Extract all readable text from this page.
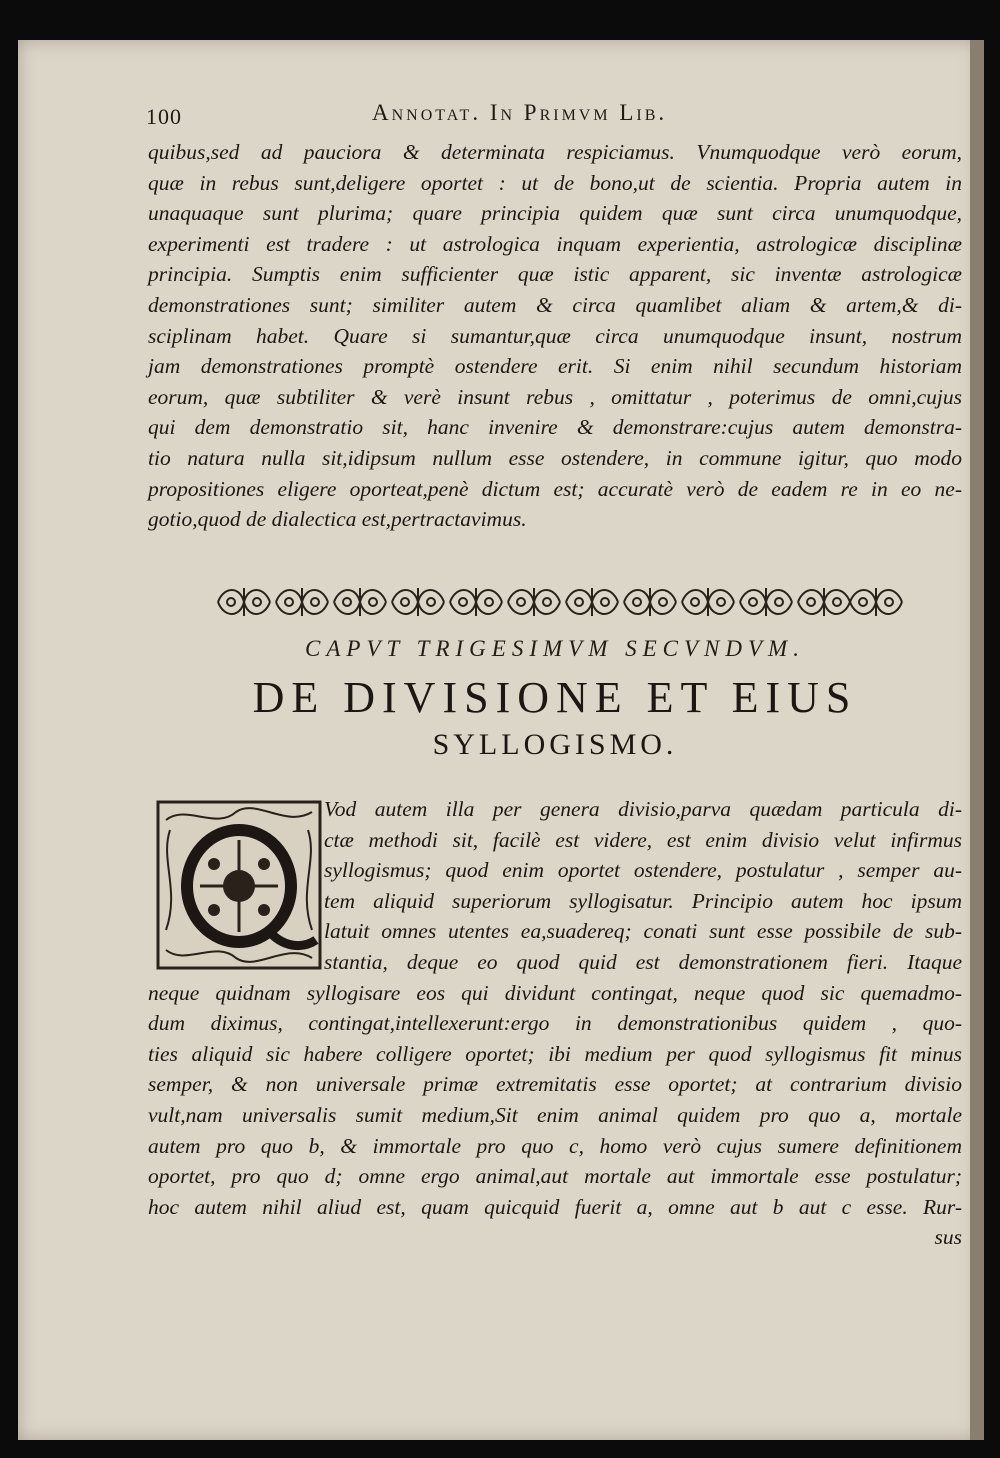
100	Annotat. In Primvm Lib.
quibus,sed ad pauciora & determinata respiciamus. Vnumquodque verò eorum,
quæ in rebus sunt,deligere oportet : ut de bono,ut de scientia. Propria autem in
unaquaque sunt plurima; quare principia quidem quæ sunt circa unumquodque,
experimenti est tradere : ut astrologica inquam experientia, astrologicæ disciplinæ
principia. Sumptis enim sufficienter quæ istic apparent, sic inventæ astrologicæ
demonstrationes sunt; similiter autem & circa quamlibet aliam & artem,& di-
sciplinam habet. Quare si sumantur,quæ circa unumquodque insunt, nostrum
jam demonstrationes promptè ostendere erit. Si enim nihil secundum historiam
eorum, quæ subtiliter & verè insunt rebus , omittatur , poterimus de omni,cujus
qui dem demonstratio sit, hanc invenire & demonstrare:cujus autem demonstra-
tio natura nulla sit,idipsum nullum esse ostendere, in commune igitur, quo modo
propositiones eligere oporteat,penè dictum est; accuratè verò de eadem re in eo ne-
gotio,quod de dialectica est,pertractavimus.
CAPVT TRIGESIMVM SECVNDVM.
DE DIVISIONE ET EIUS
SYLLOGISMO.
Vod autem illa per genera divisio,parva quædam particula di-
ctæ methodi sit, facilè est videre, est enim divisio velut infirmus
syllogismus; quod enim oportet ostendere, postulatur , semper au-
tem aliquid superiorum syllogisatur. Principio autem hoc ipsum
latuit omnes utentes ea,suadereq; conati sunt esse possibile de sub-
stantia, deque eo quod quid est demonstrationem fieri. Itaque
neque quidnam syllogisare eos qui dividunt contingat, neque quod sic quemadmo-
dum diximus, contingat,intellexerunt:ergo in demonstrationibus quidem , quo-
ties aliquid sic habere colligere oportet; ibi medium per quod syllogismus fit minus
semper, & non universale primæ extremitatis esse oportet; at contrarium divisio
vult,nam universalis sumit medium,Sit enim animal quidem pro quo a, mortale
autem pro quo b, & immortale pro quo c, homo verò cujus sumere definitionem
oportet, pro quo d; omne ergo animal,aut mortale aut immortale esse postulatur;
hoc autem nihil aliud est, quam quicquid fuerit a, omne aut b aut c esse. Rur-
sus
